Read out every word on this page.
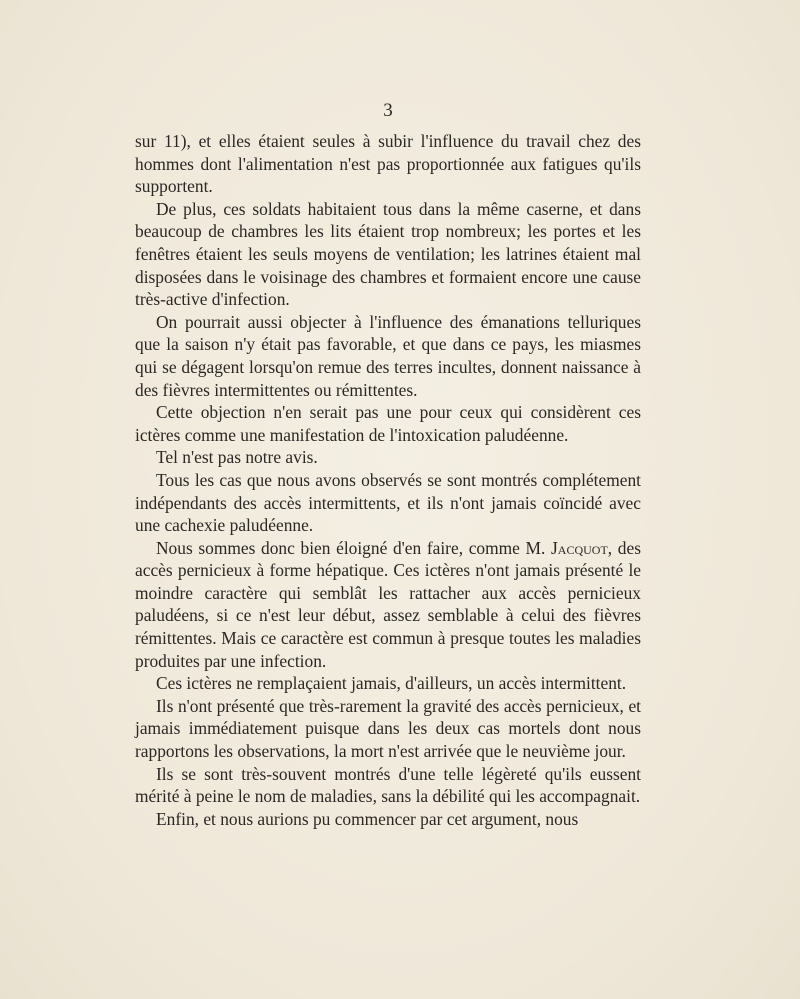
3

sur 11), et elles étaient seules à subir l'influence du travail chez des hommes dont l'alimentation n'est pas proportionnée aux fatigues qu'ils supportent.

De plus, ces soldats habitaient tous dans la même caserne, et dans beaucoup de chambres les lits étaient trop nombreux; les portes et les fenêtres étaient les seuls moyens de ventilation; les latrines étaient mal disposées dans le voisinage des chambres et formaient encore une cause très-active d'infection.

On pourrait aussi objecter à l'influence des émanations telluriques que la saison n'y était pas favorable, et que dans ce pays, les miasmes qui se dégagent lorsqu'on remue des terres incultes, donnent naissance à des fièvres intermittentes ou rémittentes.

Cette objection n'en serait pas une pour ceux qui considèrent ces ictères comme une manifestation de l'intoxication paludéenne.

Tel n'est pas notre avis.

Tous les cas que nous avons observés se sont montrés complétement indépendants des accès intermittents, et ils n'ont jamais coïncidé avec une cachexie paludéenne.

Nous sommes donc bien éloigné d'en faire, comme M. Jacquot, des accès pernicieux à forme hépatique. Ces ictères n'ont jamais présenté le moindre caractère qui semblât les rattacher aux accès pernicieux paludéens, si ce n'est leur début, assez semblable à celui des fièvres rémittentes. Mais ce caractère est commun à presque toutes les maladies produites par une infection.

Ces ictères ne remplaçaient jamais, d'ailleurs, un accès intermittent.

Ils n'ont présenté que très-rarement la gravité des accès pernicieux, et jamais immédiatement puisque dans les deux cas mortels dont nous rapportons les observations, la mort n'est arrivée que le neuvième jour.

Ils se sont très-souvent montrés d'une telle légèreté qu'ils eussent mérité à peine le nom de maladies, sans la débilité qui les accompagnait.

Enfin, et nous aurions pu commencer par cet argument, nous
